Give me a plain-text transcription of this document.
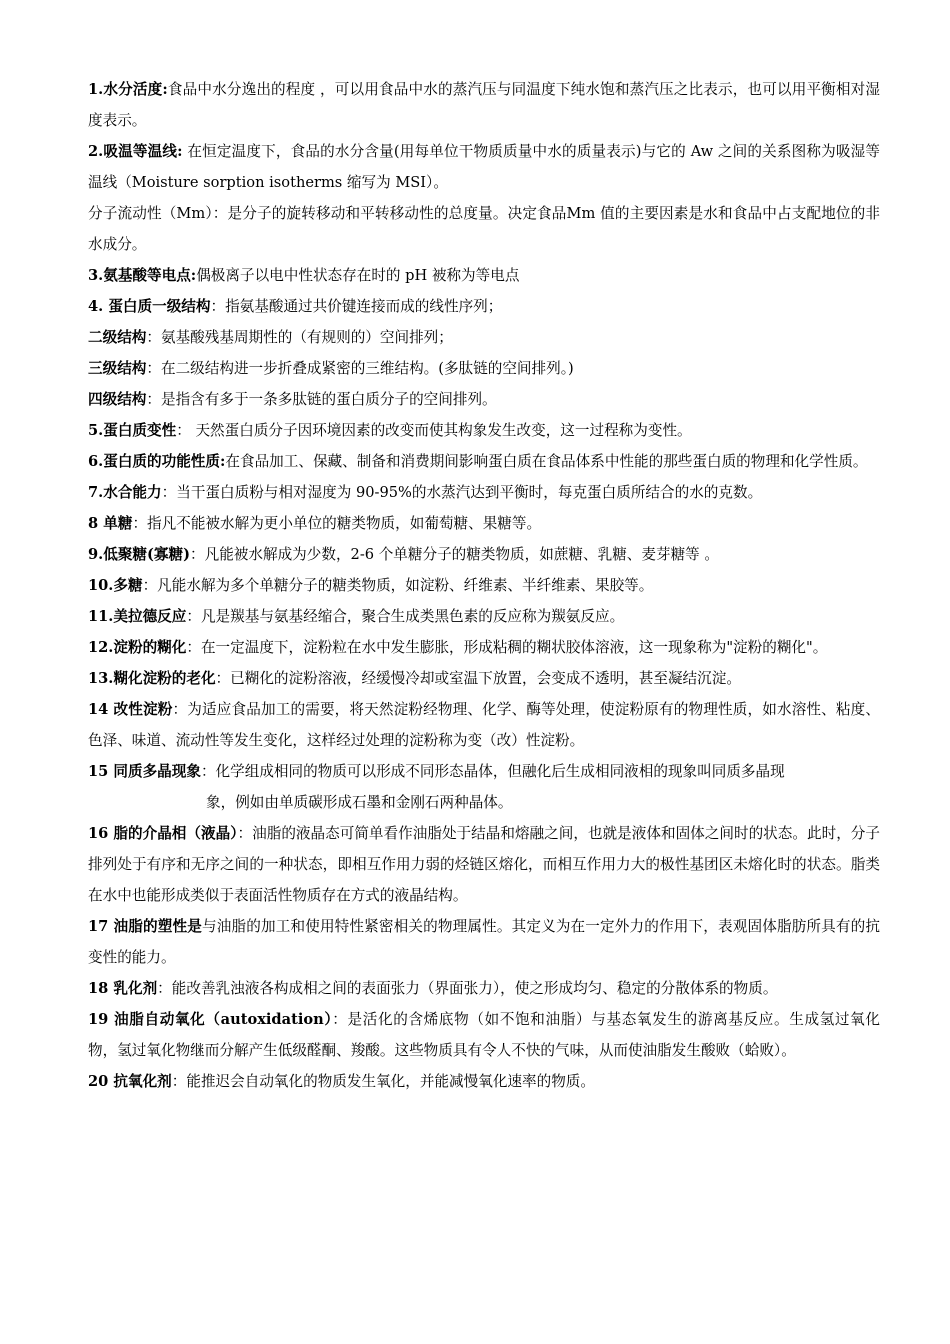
1.水分活度:食品中水分逸出的程度 ，可以用食品中水的蒸汽压与同温度下纯水饱和蒸汽压之比表示，也可以用平衡相对湿度表示。

2.吸温等温线: 在恒定温度下，食品的水分含量(用每单位干物质质量中水的质量表示)与它的 Aw 之间的关系图称为吸湿等温线（Moisture sorption isotherms 缩写为 MSI）。

分子流动性（Mm）：是分子的旋转移动和平转移动性的总度量。决定食品Mm 值的主要因素是水和食品中占支配地位的非水成分。

3.氨基酸等电点:偶极离子以电中性状态存在时的 pH 被称为等电点

4. 蛋白质一级结构：指氨基酸通过共价键连接而成的线性序列；

二级结构：氨基酸残基周期性的（有规则的）空间排列；

三级结构：在二级结构进一步折叠成紧密的三维结构。(多肽链的空间排列。)

四级结构：是指含有多于一条多肽链的蛋白质分子的空间排列。

5.蛋白质变性： 天然蛋白质分子因环境因素的改变而使其构象发生改变，这一过程称为变性。

6.蛋白质的功能性质:在食品加工、保藏、制备和消费期间影响蛋白质在食品体系中性能的那些蛋白质的物理和化学性质。

7.水合能力：当干蛋白质粉与相对湿度为 90-95%的水蒸汽达到平衡时，每克蛋白质所结合的水的克数。

8 单糖：指凡不能被水解为更小单位的糖类物质，如葡萄糖、果糖等。

9.低聚糖(寡糖)：凡能被水解成为少数，2-6 个单糖分子的糖类物质，如蔗糖、乳糖、麦芽糖等 。

10.多糖：凡能水解为多个单糖分子的糖类物质，如淀粉、纤维素、半纤维素、果胶等。

11.美拉德反应：凡是羰基与氨基经缩合，聚合生成类黑色素的反应称为羰氨反应。

12.淀粉的糊化：在一定温度下，淀粉粒在水中发生膨胀，形成粘稠的糊状胶体溶液，这一现象称为"淀粉的糊化"。

13.糊化淀粉的老化：已糊化的淀粉溶液，经缓慢冷却或室温下放置，会变成不透明，甚至凝结沉淀。

14 改性淀粉：为适应食品加工的需要，将天然淀粉经物理、化学、酶等处理，使淀粉原有的物理性质，如水溶性、粘度、色泽、味道、流动性等发生变化，这样经过处理的淀粉称为变（改）性淀粉。

15 同质多晶现象：化学组成相同的物质可以形成不同形态晶体，但融化后生成相同液相的现象叫同质多晶现
象，例如由单质碳形成石墨和金刚石两种晶体。

16 脂的介晶相（液晶）：油脂的液晶态可简单看作油脂处于结晶和熔融之间，也就是液体和固体之间时的状态。此时，分子排列处于有序和无序之间的一种状态，即相互作用力弱的烃链区熔化，而相互作用力大的极性基团区未熔化时的状态。脂类在水中也能形成类似于表面活性物质存在方式的液晶结构。

17 油脂的塑性是与油脂的加工和使用特性紧密相关的物理属性。其定义为在一定外力的作用下，表观固体脂肪所具有的抗变性的能力。

18 乳化剂：能改善乳浊液各构成相之间的表面张力（界面张力），使之形成均匀、稳定的分散体系的物质。

19 油脂自动氧化（autoxidation）：是活化的含烯底物（如不饱和油脂）与基态氧发生的游离基反应。生成氢过氧化物，氢过氧化物继而分解产生低级醛酮、羧酸。这些物质具有令人不快的气味，从而使油脂发生酸败（蛤败）。

20 抗氧化剂：能推迟会自动氧化的物质发生氧化，并能减慢氧化速率的物质。
